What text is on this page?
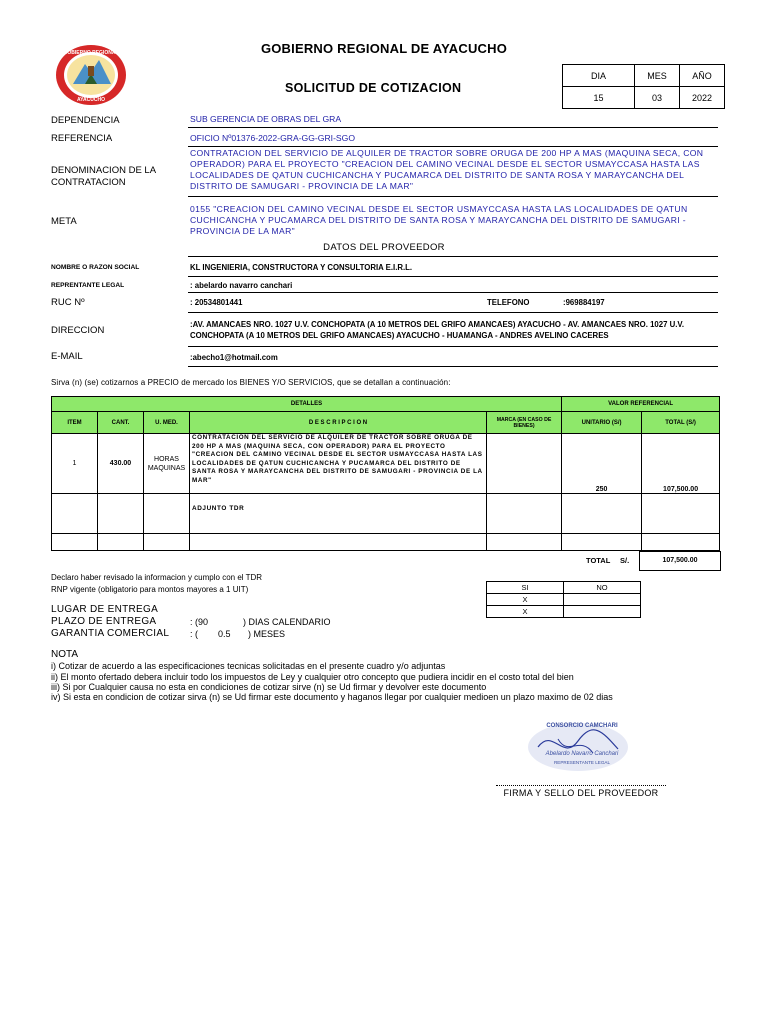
GOBIERNO REGIONAL
AYACUCHO
GOBIERNO REGIONAL DE AYACUCHO
SOLICITUD DE COTIZACION
DIA	MES	AÑO
15	03	2022
DEPENDENCIA	SUB GERENCIA DE OBRAS DEL GRA
REFERENCIA	OFICIO Nº01376-2022-GRA-GG-GRI-SGO
DENOMINACION DE LA
CONTRATACION
CONTRATACION DEL SERVICIO DE ALQUILER DE TRACTOR SOBRE ORUGA DE 200 HP A MAS (MAQUINA SECA, CON OPERADOR) PARA EL PROYECTO "CREACION DEL CAMINO VECINAL DESDE EL SECTOR USMAYCCASA HASTA LAS LOCALIDADES DE QATUN CUCHICANCHA Y PUCAMARCA DEL DISTRITO DE SANTA ROSA Y MARAYCANCHA DEL DISTRITO DE SAMUGARI - PROVINCIA DE LA MAR"
META
0155 "CREACION DEL CAMINO VECINAL DESDE EL SECTOR USMAYCCASA HASTA LAS LOCALIDADES DE QATUN CUCHICANCHA Y PUCAMARCA DEL DISTRITO DE SANTA ROSA Y MARAYCANCHA DEL DISTRITO DE SAMUGARI - PROVINCIA DE LA MAR"
DATOS DEL PROVEEDOR
NOMBRE O RAZON SOCIAL	KL INGENIERIA, CONSTRUCTORA Y CONSULTORIA E.I.R.L.
REPRENTANTE LEGAL	: abelardo navarro canchari
RUC Nº	: 20534801441	TELEFONO	:969884197
DIRECCION
:AV. AMANCAES NRO. 1027 U.V. CONCHOPATA (A 10 METROS DEL GRIFO AMANCAES) AYACUCHO - AV. AMANCAES NRO. 1027 U.V. CONCHOPATA (A 10 METROS DEL GRIFO AMANCAES) AYACUCHO - HUAMANGA - ANDRES AVELINO CACERES
E-MAIL	:abecho1@hotmail.com
Sirva (n) (se) cotizarnos a PRECIO de mercado los BIENES Y/O SERVICIOS, que se detallan a continuación:
DETALLES					VALOR REFERENCIAL	
ITEM	CANT.	U. MED.	D E S C R I P C I O N	MARCA (EN CASO DE BIENES)	UNITARIO (S/)	TOTAL (S/)
1	430.00	HORAS MAQUINAS	CONTRATACION DEL SERVICIO DE ALQUILER DE TRACTOR SOBRE ORUGA DE 200 HP A MAS (MAQUINA SECA, CON OPERADOR) PARA EL PROYECTO "CREACION DEL CAMINO VECINAL DESDE EL SECTOR USMAYCCASA HASTA LAS LOCALIDADES DE QATUN CUCHICANCHA Y PUCAMARCA DEL DISTRITO DE SANTA ROSA Y MARAYCANCHA DEL DISTRITO DE SAMUGARI - PROVINCIA DE LA MAR"		250	107,500.00
			ADJUNTO TDR			

TOTAL S/.	107,500.00
Declaro haber revisado la informacion y cumplo con el TDR
RNP vigente (obligatorio para montos mayores a 1 UIT)	SI	NO
X	
X	
LUGAR DE ENTREGA
PLAZO DE ENTREGA	: (90              ) DIAS CALENDARIO
GARANTIA COMERCIAL : (        0.5       ) MESES
NOTA
i) Cotizar de acuerdo a las especificaciones tecnicas solicitadas en el presente cuadro y/o adjuntas
ii) El monto ofertado debera incluir todo los impuestos de Ley y cualquier otro concepto que pudiera incidir en el costo total del bien
iii) Si por Cualquier causa no esta en condiciones de cotizar sirve (n) se Ud firmar y devolver este documento
iv) Si esta en condicion de cotizar sirva (n) se Ud firmar este documento y haganos llegar por cualquier medioen un plazo maximo de 02 dias
CONSORCIO CAMCHARI
Abelardo Navarro Canchari
REPRESENTANTE LEGAL
FIRMA Y SELLO DEL PROVEEDOR
